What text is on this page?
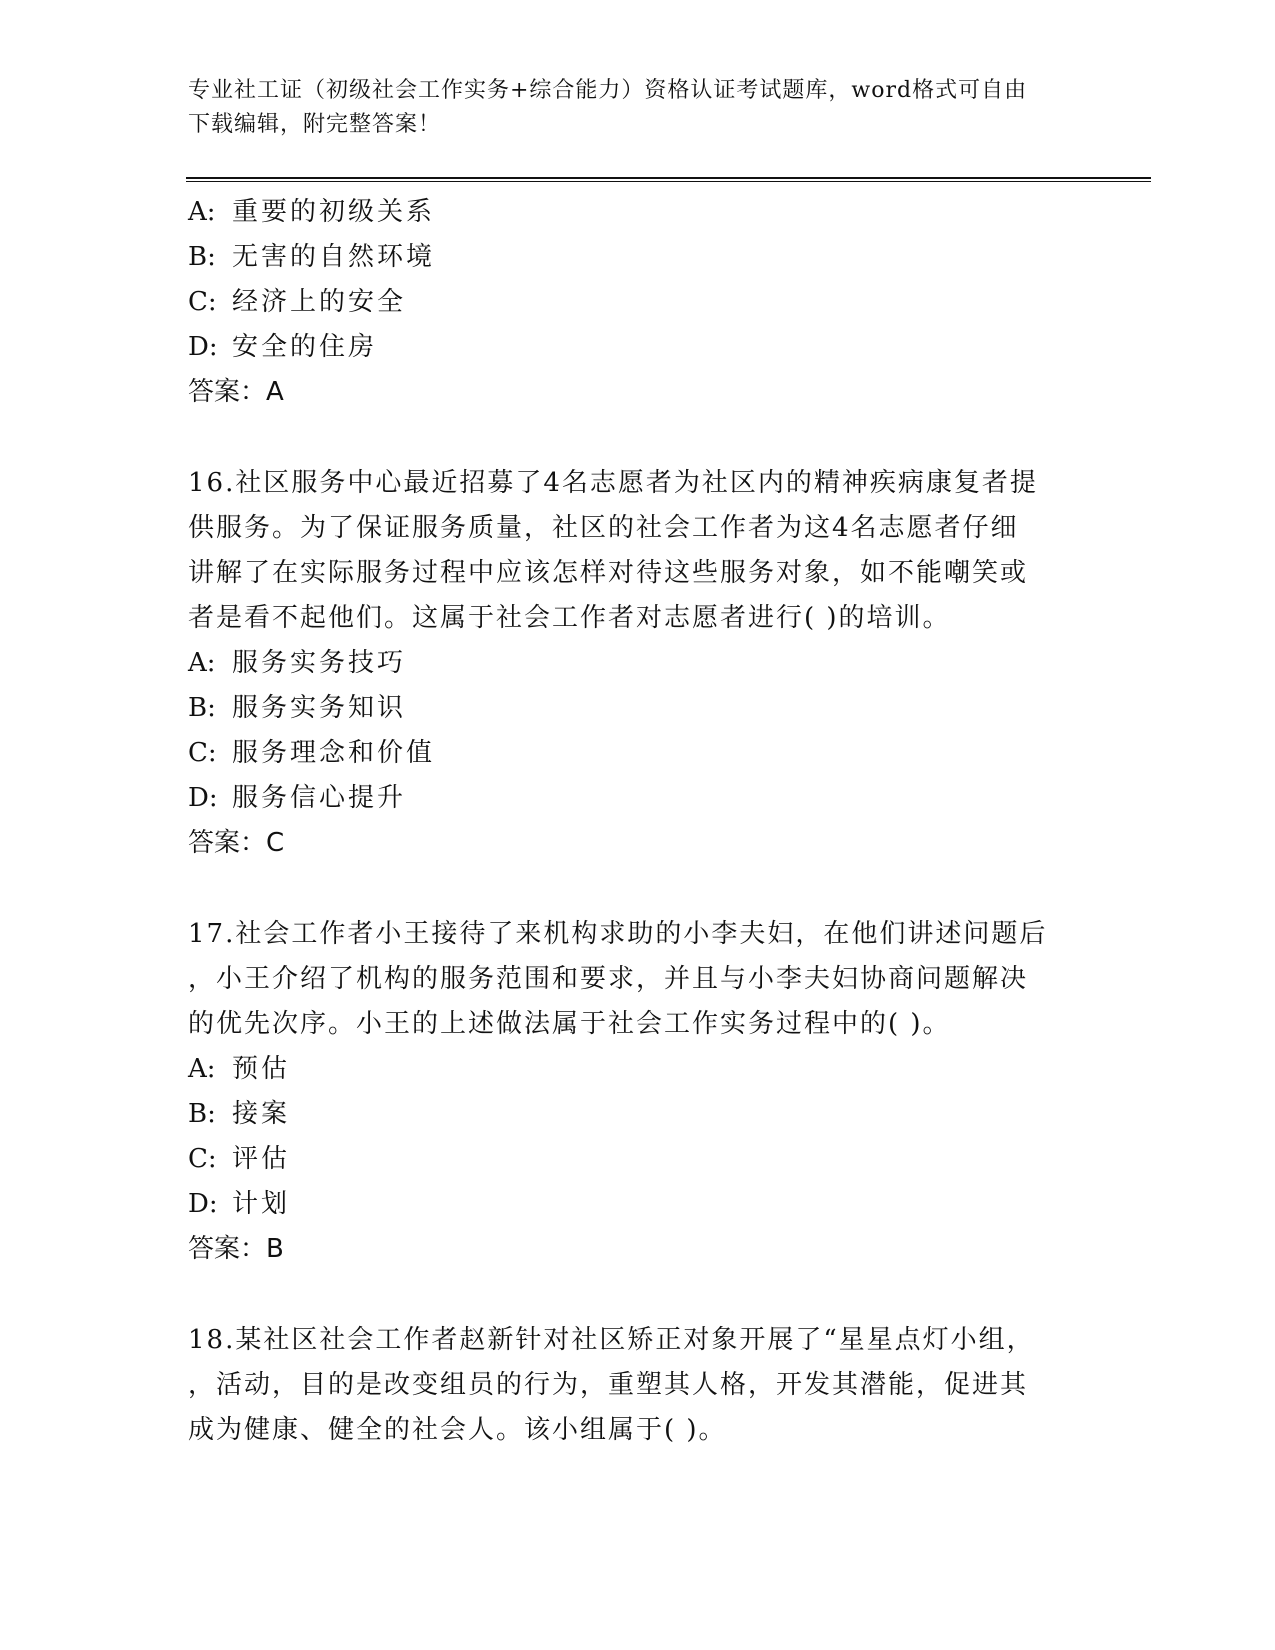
专业社工证（初级社会工作实务+综合能力）资格认证考试题库，word格式可自由
下载编辑，附完整答案！
A: 重要的初级关系
B: 无害的自然环境
C: 经济上的安全
D: 安全的住房
答案：A
16.社区服务中心最近招募了4名志愿者为社区内的精神疾病康复者提
供服务。为了保证服务质量，社区的社会工作者为这4名志愿者仔细
讲解了在实际服务过程中应该怎样对待这些服务对象，如不能嘲笑或
者是看不起他们。这属于社会工作者对志愿者进行( )的培训。
A: 服务实务技巧
B: 服务实务知识
C: 服务理念和价值
D: 服务信心提升
答案：C
17.社会工作者小王接待了来机构求助的小李夫妇，在他们讲述问题后
，小王介绍了机构的服务范围和要求，并且与小李夫妇协商问题解决
的优先次序。小王的上述做法属于社会工作实务过程中的( )。
A: 预估
B: 接案
C: 评估
D: 计划
答案：B
18.某社区社会工作者赵新针对社区矫正对象开展了“星星点灯小组，
，活动，目的是改变组员的行为，重塑其人格，开发其潜能，促进其
成为健康、健全的社会人。该小组属于( )。
